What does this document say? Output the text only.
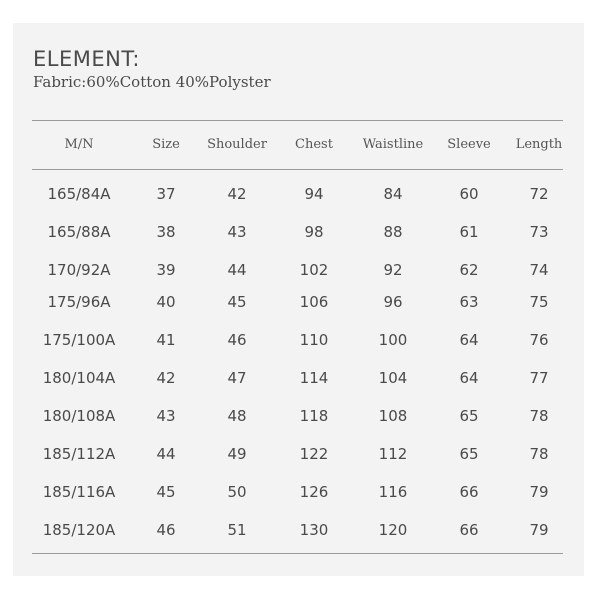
ELEMENT:
Fabric:60%Cotton 40%Polyster
M/N	Size Shoulder Chest Waistline Sleeve Length
165/84A	37	42	94	84	60	72
165/88A	38	43	98	88	61	73
170/92A	39	44	102	92	62	74
175/96A	40	45	106	96	63	75
175/100A	41	46	110	100	64	76
180/104A	42	47	114	104	64	77
180/108A	43	48	118	108	65	78
185/112A	44	49	122	112	65	78
185/116A	45	50	126	116	66	79
185/120A	46	51	130	120	66	79
